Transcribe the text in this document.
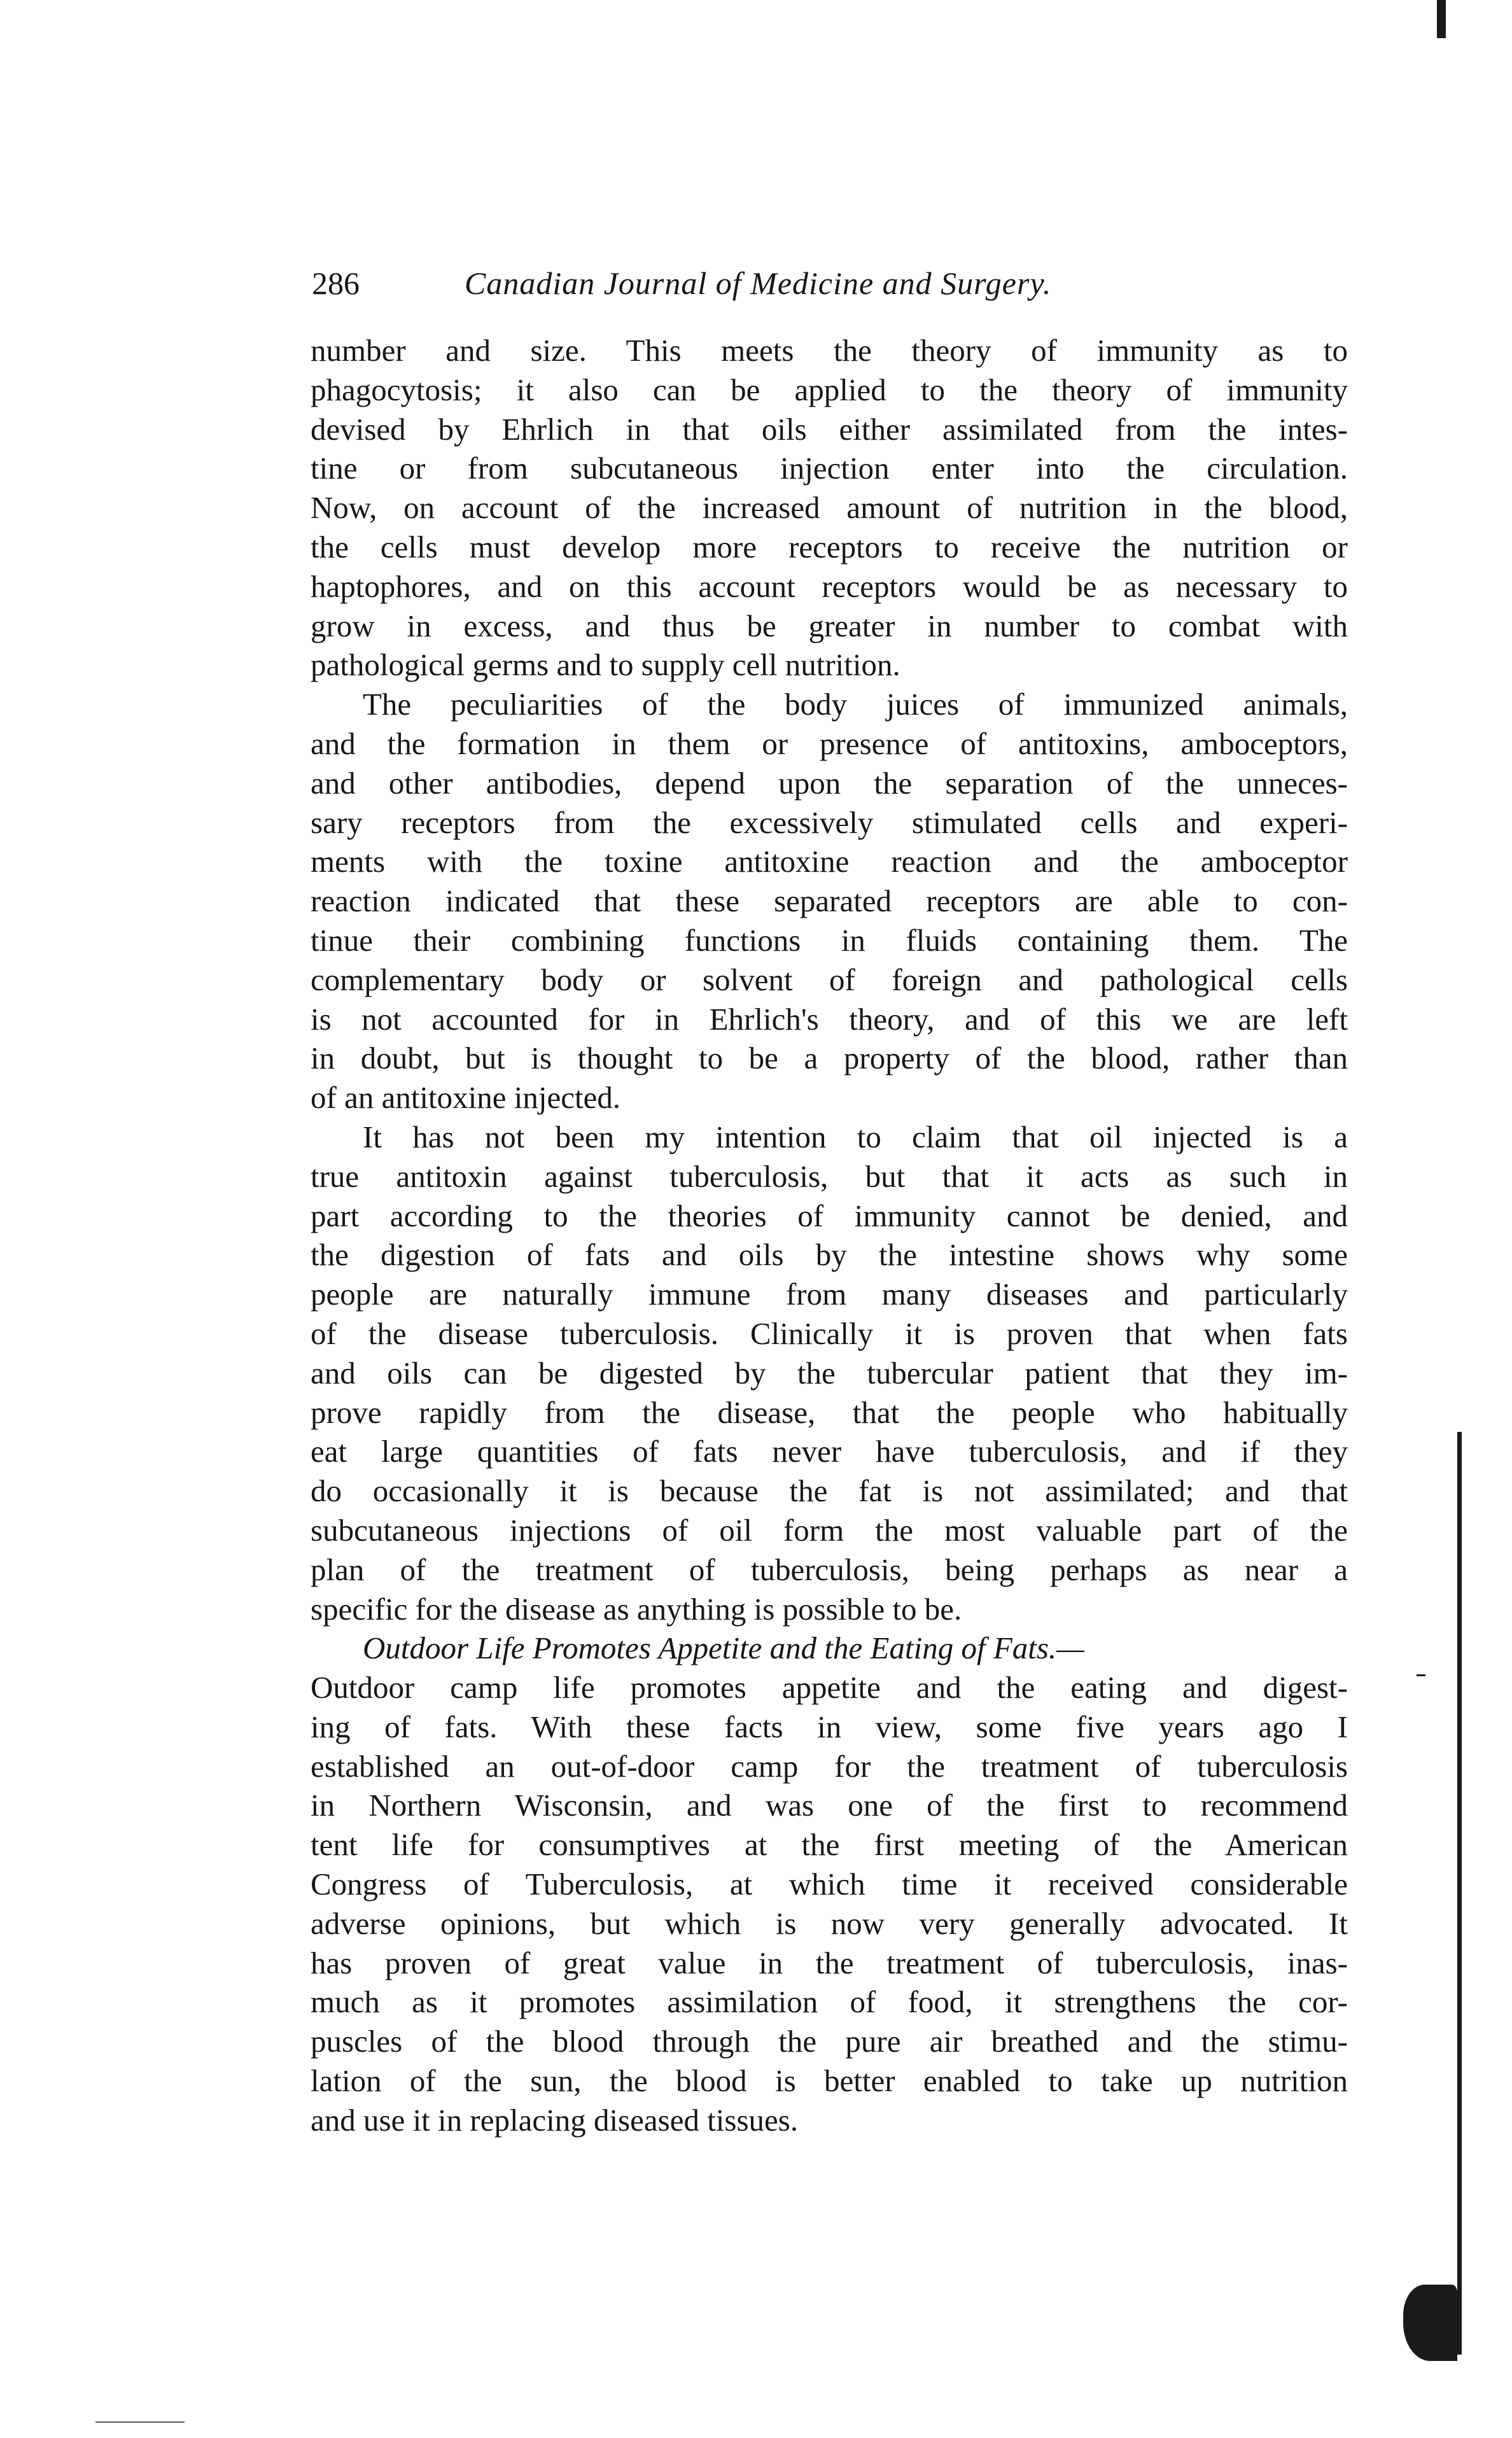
286	Canadian Journal of Medicine and Surgery.
number and size. This meets the theory of immunity as to
phagocytosis; it also can be applied to the theory of immunity
devised by Ehrlich in that oils either assimilated from the intes-
tine or from subcutaneous injection enter into the circulation.
Now, on account of the increased amount of nutrition in the blood,
the cells must develop more receptors to receive the nutrition or
haptophores, and on this account receptors would be as necessary to
grow in excess, and thus be greater in number to combat with
pathological germs and to supply cell nutrition.
The peculiarities of the body juices of immunized animals,
and the formation in them or presence of antitoxins, amboceptors,
and other antibodies, depend upon the separation of the unneces-
sary receptors from the excessively stimulated cells and experi-
ments with the toxine antitoxine reaction and the amboceptor
reaction indicated that these separated receptors are able to con-
tinue their combining functions in fluids containing them. The
complementary body or solvent of foreign and pathological cells
is not accounted for in Ehrlich's theory, and of this we are left
in doubt, but is thought to be a property of the blood, rather than
of an antitoxine injected.
It has not been my intention to claim that oil injected is a
true antitoxin against tuberculosis, but that it acts as such in
part according to the theories of immunity cannot be denied, and
the digestion of fats and oils by the intestine shows why some
people are naturally immune from many diseases and particularly
of the disease tuberculosis. Clinically it is proven that when fats
and oils can be digested by the tubercular patient that they im-
prove rapidly from the disease, that the people who habitually
eat large quantities of fats never have tuberculosis, and if they
do occasionally it is because the fat is not assimilated; and that
subcutaneous injections of oil form the most valuable part of the
plan of the treatment of tuberculosis, being perhaps as near a
specific for the disease as anything is possible to be.
Outdoor Life Promotes Appetite and the Eating of Fats.—
Outdoor camp life promotes appetite and the eating and digest-
ing of fats. With these facts in view, some five years ago I
established an out-of-door camp for the treatment of tuberculosis
in Northern Wisconsin, and was one of the first to recommend
tent life for consumptives at the first meeting of the American
Congress of Tuberculosis, at which time it received considerable
adverse opinions, but which is now very generally advocated. It
has proven of great value in the treatment of tuberculosis, inas-
much as it promotes assimilation of food, it strengthens the cor-
puscles of the blood through the pure air breathed and the stimu-
lation of the sun, the blood is better enabled to take up nutrition
and use it in replacing diseased tissues.
